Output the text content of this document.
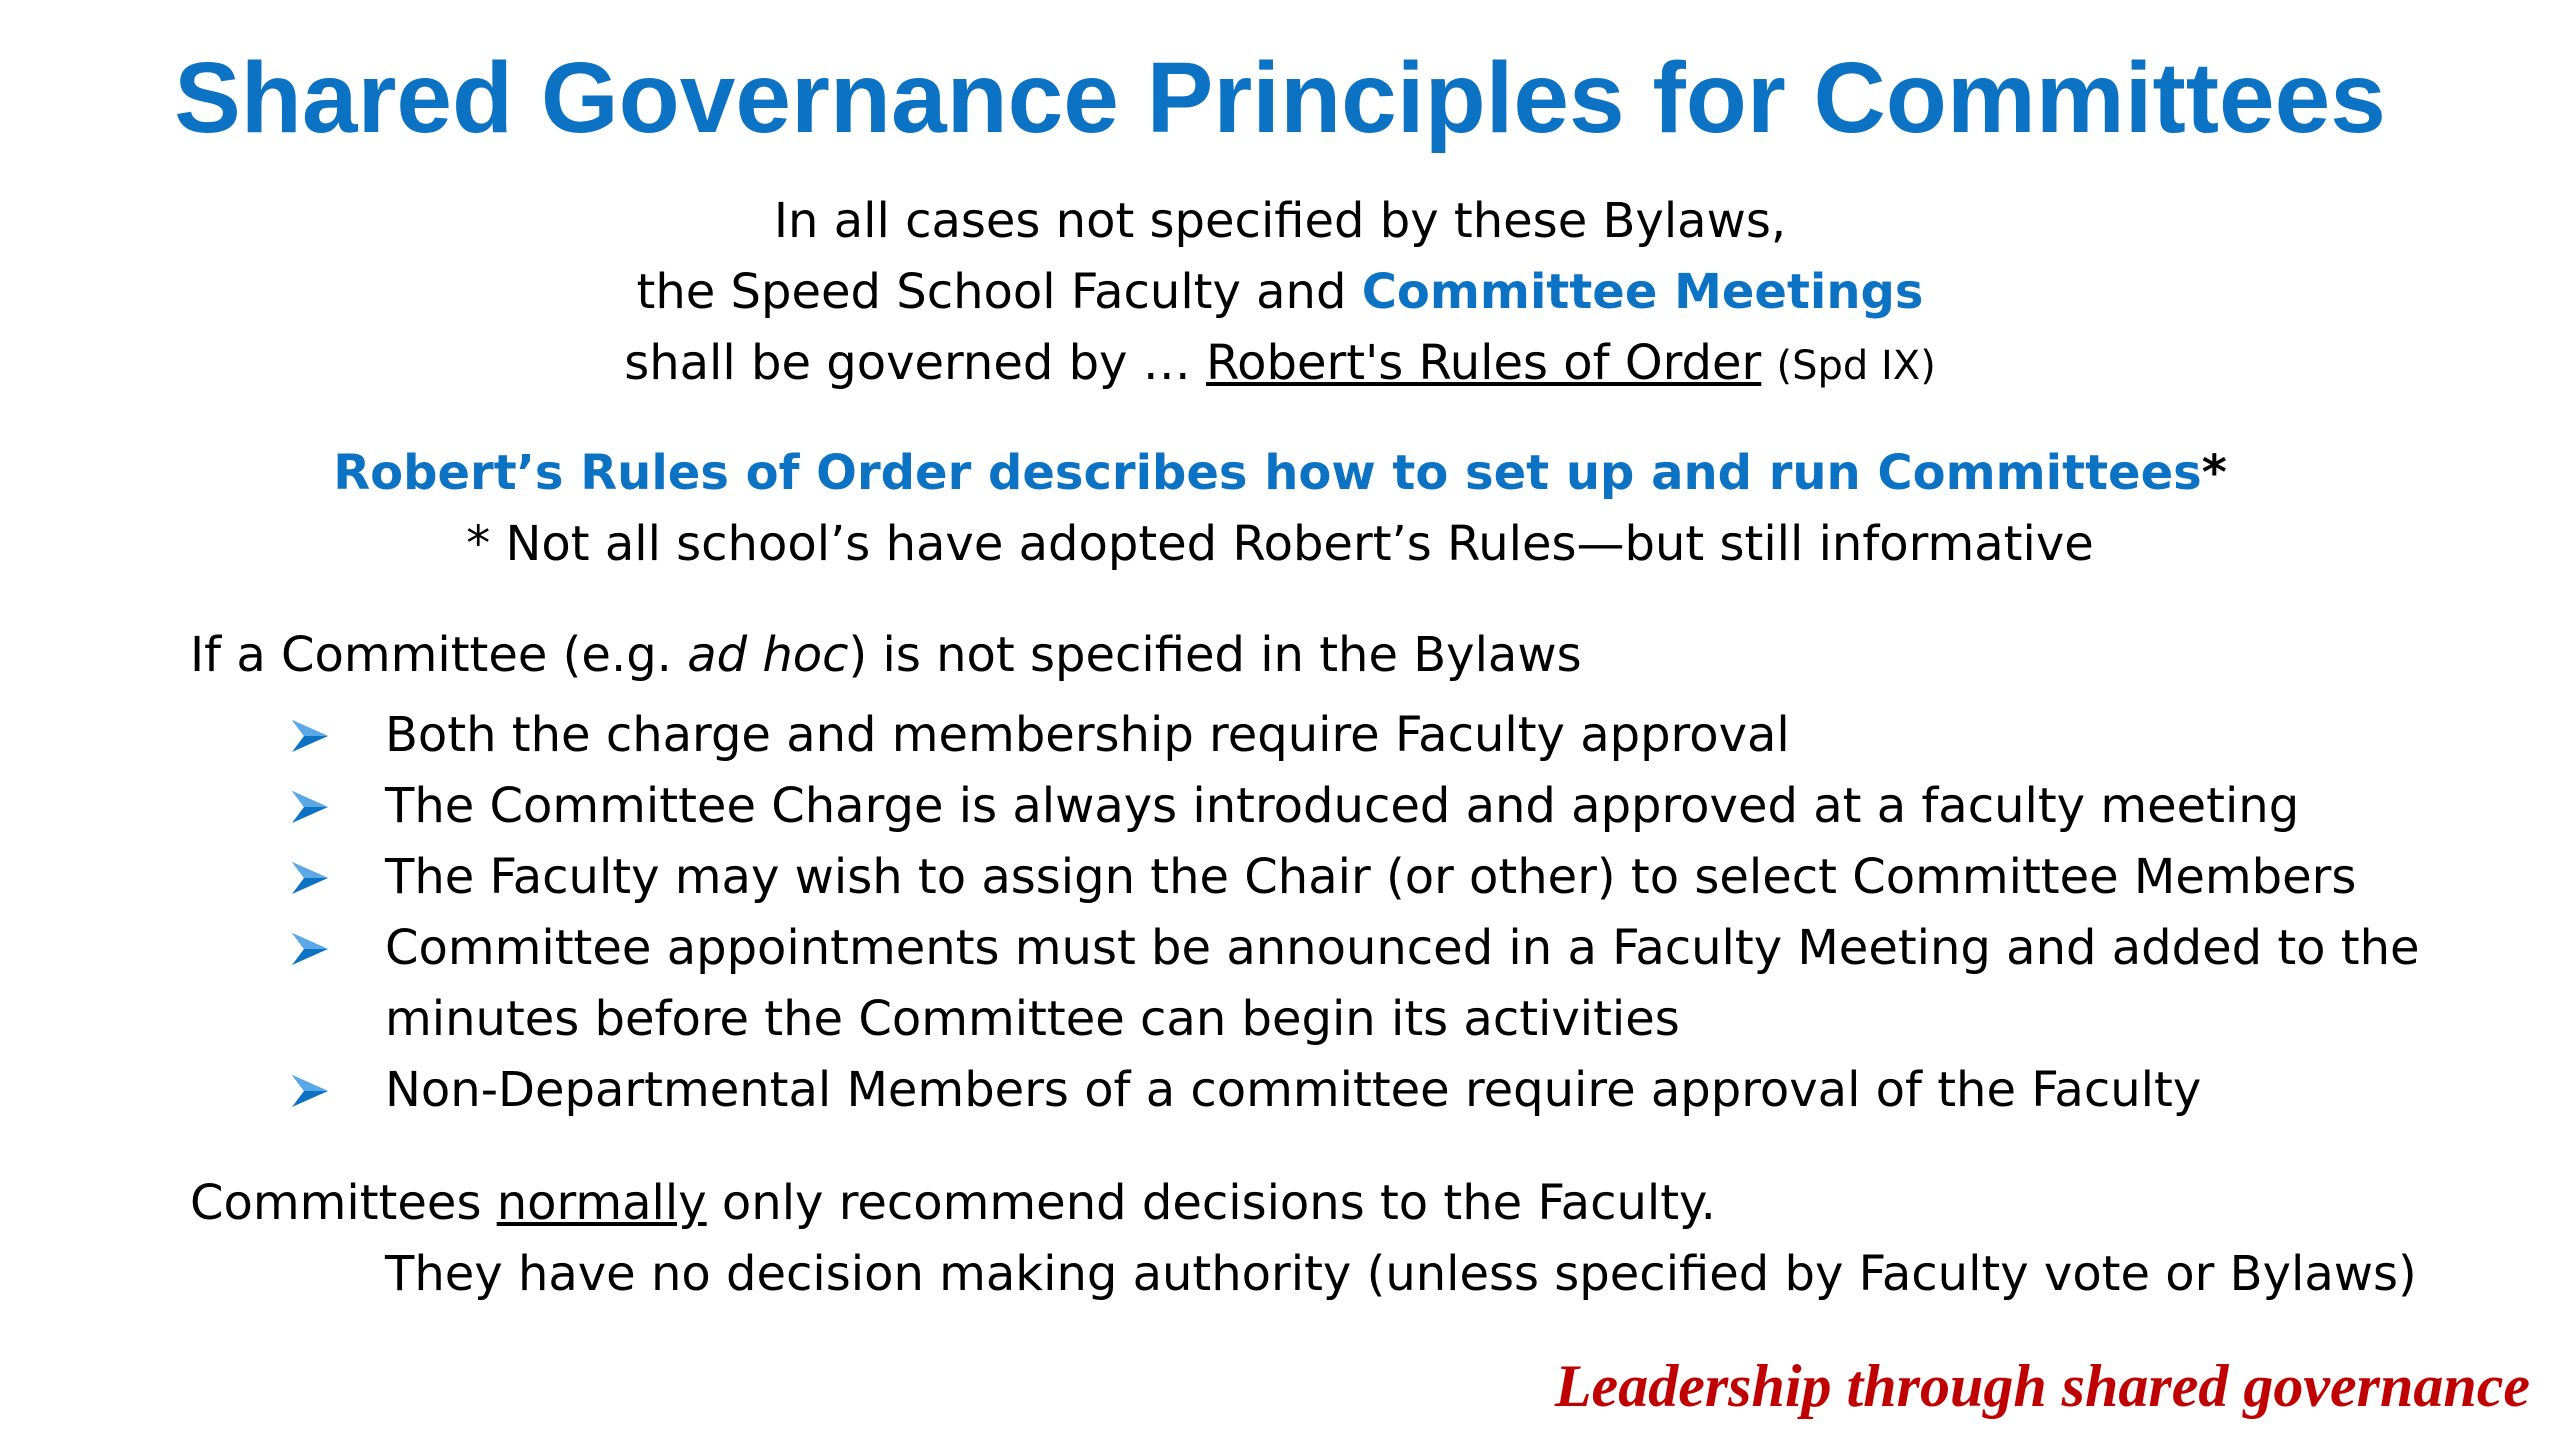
Shared Governance Principles for Committees
In all cases not specified by these Bylaws,
the Speed School Faculty and Committee Meetings
shall be governed by … Robert's Rules of Order (Spd IX)
Robert’s Rules of Order describes how to set up and run Committees*
* Not all school’s have adopted Robert’s Rules—but still informative
If a Committee (e.g. ad hoc) is not specified in the Bylaws
Both the charge and membership require Faculty approval
The Committee Charge is always introduced and approved at a faculty meeting
The Faculty may wish to assign the Chair (or other) to select Committee Members
Committee appointments must be announced in a Faculty Meeting and added to the
minutes before the Committee can begin its activities
Non-Departmental Members of a committee require approval of the Faculty
Committees normally only recommend decisions to the Faculty.
They have no decision making authority (unless specified by Faculty vote or Bylaws)
Leadership through shared governance
